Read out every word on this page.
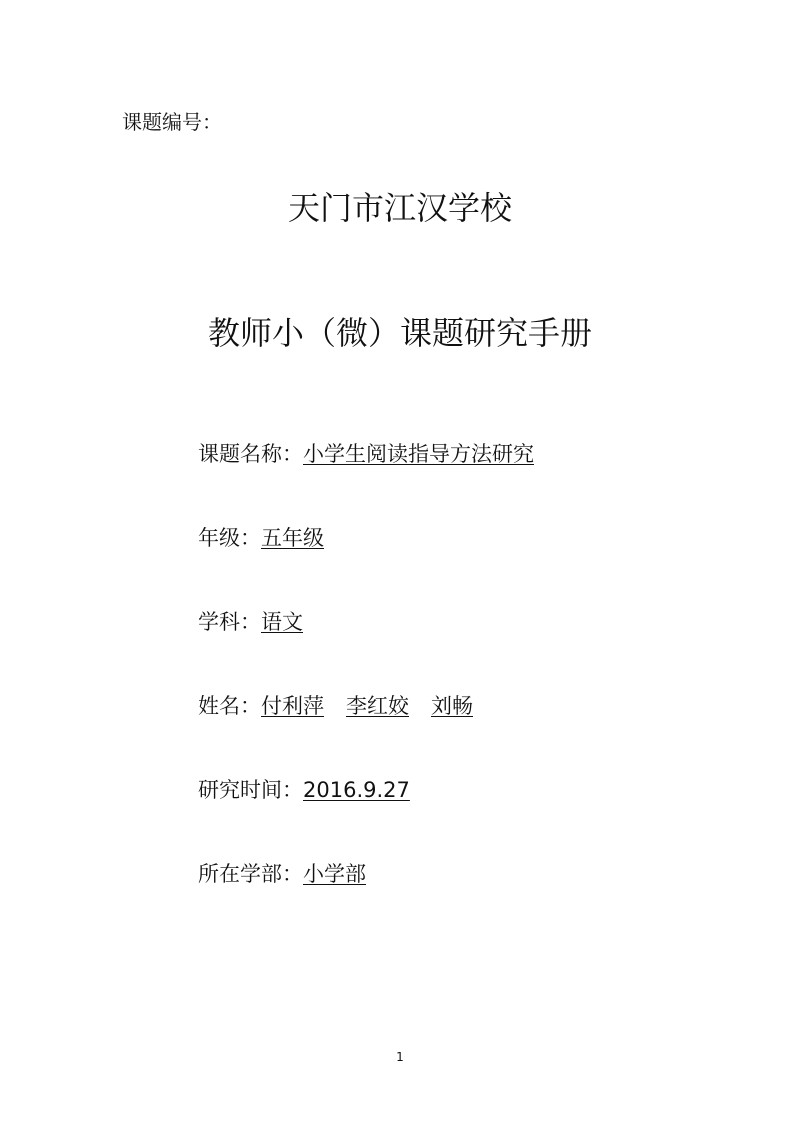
课题编号：
天门市江汉学校
教师小（微）课题研究手册
课题名称：小学生阅读指导方法研究
年级：五年级
学科：语文
姓名：付利萍 李红姣 刘畅
研究时间：2016.9.27
所在学部：小学部
1
